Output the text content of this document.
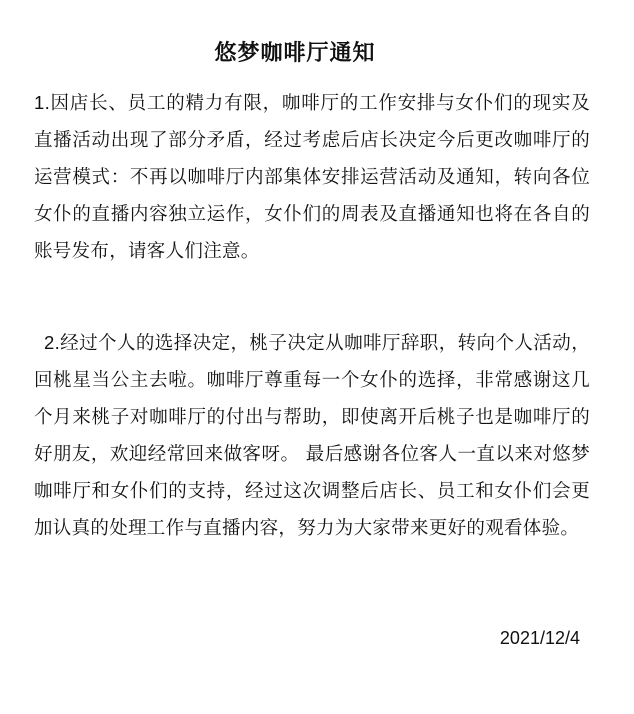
悠梦咖啡厅通知

1.因店长、员工的精力有限，咖啡厅的工作安排与女仆们的现实及直播活动出现了部分矛盾，经过考虑后店长决定今后更改咖啡厅的运营模式：不再以咖啡厅内部集体安排运营活动及通知，转向各位女仆的直播内容独立运作，女仆们的周表及直播通知也将在各自的账号发布，请客人们注意。

2.经过个人的选择决定，桃子决定从咖啡厅辞职，转向个人活动，回桃星当公主去啦。咖啡厅尊重每一个女仆的选择，非常感谢这几个月来桃子对咖啡厅的付出与帮助，即使离开后桃子也是咖啡厅的好朋友，欢迎经常回来做客呀。 最后感谢各位客人一直以来对悠梦咖啡厅和女仆们的支持，经过这次调整后店长、员工和女仆们会更加认真的处理工作与直播内容，努力为大家带来更好的观看体验。

2021/12/4
